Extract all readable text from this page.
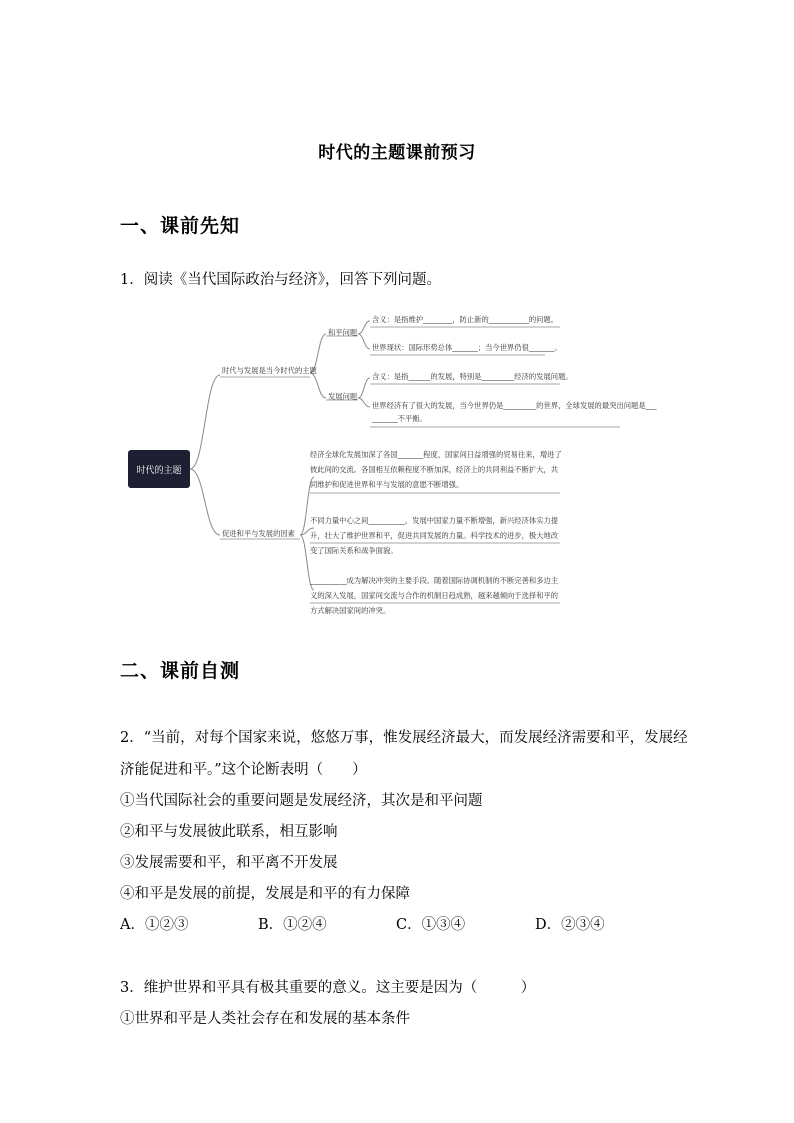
时代的主题课前预习
一、课前先知
1．阅读《当代国际政治与经济》，回答下列问题。
时代的主题
时代与发展是当今时代的主题
和平问题
含义：是指维护________，防止新的___________的问题。
世界现状：国际形势总体_______；当今世界仍很_______。
发展问题
含义：是指______的发展，特别是_________经济的发展问题。
世界经济有了很大的发展，当今世界仍是_________的世界，全球发展的最突出问题是___
_______不平衡。
促进和平与发展的因素
经济全球化发展加深了各国_______程度，国家间日益增强的贸易往来，增进了彼此间的交流。各国相互依赖程度不断加深，经济上的共同利益不断扩大，共同维护和促进世界和平与发展的意愿不断增强。
不同力量中心之间__________，发展中国家力量不断增强，新兴经济体实力提升，壮大了维护世界和平，促进共同发展的力量。科学技术的进步，极大地改变了国际关系和战争面貌。
__________成为解决冲突的主要手段。随着国际协调机制的不断完善和多边主义的深入发展，国家间交流与合作的机制日趋成熟，越来越倾向于选择和平的方式解决国家间的冲突。
二、课前自测
2．“当前，对每个国家来说，悠悠万事，惟发展经济最大，而发展经济需要和平，发展经
济能促进和平。”这个论断表明（　　）
①当代国际社会的重要问题是发展经济，其次是和平问题
②和平与发展彼此联系，相互影响
③发展需要和平，和平离不开发展
④和平是发展的前提，发展是和平的有力保障
A．①②③	B．①②④	C．①③④	D．②③④
3．维护世界和平具有极其重要的意义。这主要是因为（　　　）
①世界和平是人类社会存在和发展的基本条件
